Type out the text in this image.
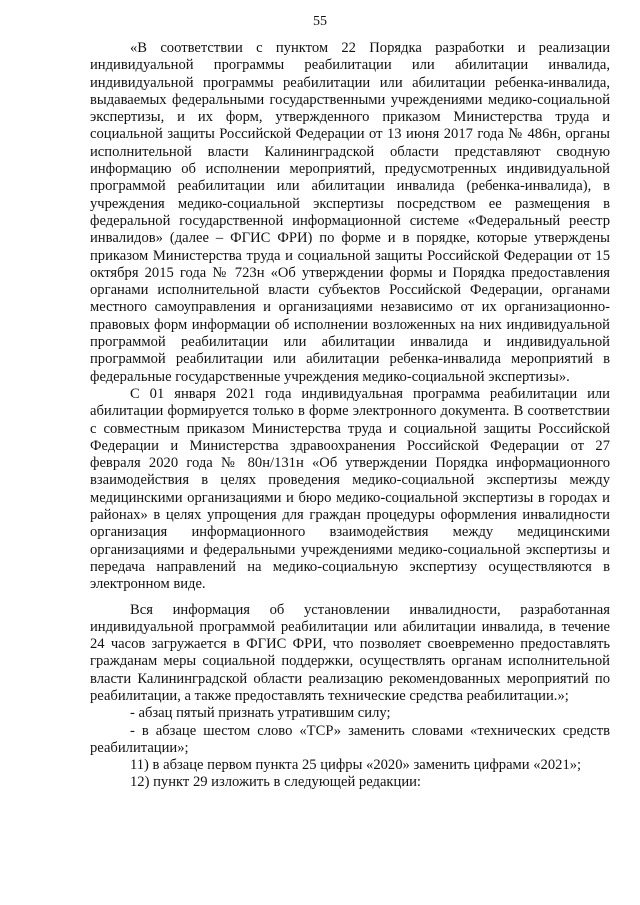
55

«В соответствии с пунктом 22 Порядка разработки и реализации индивидуальной программы реабилитации или абилитации инвалида, индивидуальной программы реабилитации или абилитации ребенка-инвалида, выдаваемых федеральными государственными учреждениями медико-социальной экспертизы, и их форм, утвержденного приказом Министерства труда и социальной защиты Российской Федерации от 13 июня 2017 года № 486н, органы исполнительной власти Калининградской области представляют сводную информацию об исполнении мероприятий, предусмотренных индивидуальной программой реабилитации или абилитации инвалида (ребенка-инвалида), в учреждения медико-социальной экспертизы посредством ее размещения в федеральной государственной информационной системе «Федеральный реестр инвалидов» (далее – ФГИС ФРИ) по форме и в порядке, которые утверждены приказом Министерства труда и социальной защиты Российской Федерации от 15 октября 2015 года № 723н «Об утверждении формы и Порядка предоставления органами исполнительной власти субъектов Российской Федерации, органами местного самоуправления и организациями независимо от их организационно-правовых форм информации об исполнении возложенных на них индивидуальной программой реабилитации или абилитации инвалида и индивидуальной программой реабилитации или абилитации ребенка-инвалида мероприятий в федеральные государственные учреждения медико-социальной экспертизы».

С 01 января 2021 года индивидуальная программа реабилитации или абилитации формируется только в форме электронного документа. В соответствии с совместным приказом Министерства труда и социальной защиты Российской Федерации и Министерства здравоохранения Российской Федерации от 27 февраля 2020 года № 80н/131н «Об утверждении Порядка информационного взаимодействия в целях проведения медико-социальной экспертизы между медицинскими организациями и бюро медико-социальной экспертизы в городах и районах» в целях упрощения для граждан процедуры оформления инвалидности организация информационного взаимодействия между медицинскими организациями и федеральными учреждениями медико-социальной экспертизы и передача направлений на медико-социальную экспертизу осуществляются в электронном виде.

Вся информация об установлении инвалидности, разработанная индивидуальной программой реабилитации или абилитации инвалида, в течение 24 часов загружается в ФГИС ФРИ, что позволяет своевременно предоставлять гражданам меры социальной поддержки, осуществлять органам исполнительной власти Калининградской области реализацию рекомендованных мероприятий по реабилитации, а также предоставлять технические средства реабилитации.»;

- абзац пятый признать утратившим силу;

- в абзаце шестом слово «ТСР» заменить словами «технических средств реабилитации»;

11) в абзаце первом пункта 25 цифры «2020» заменить цифрами «2021»;

12) пункт 29 изложить в следующей редакции:
